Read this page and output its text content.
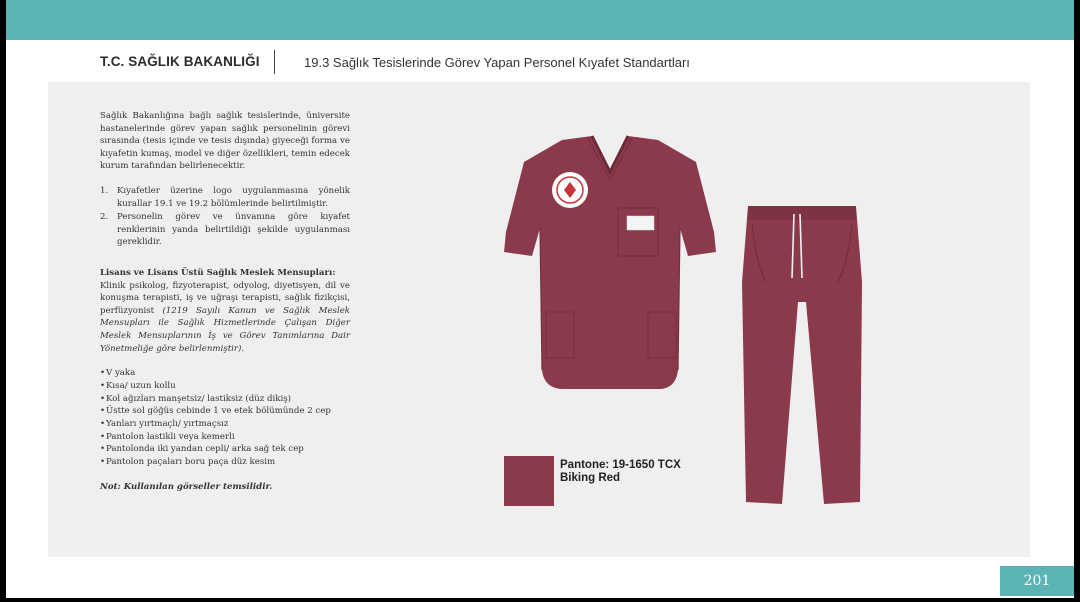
T.C. SAĞLIK BAKANLIĞI	19.3 Sağlık Tesislerinde Görev Yapan Personel Kıyafet Standartları

Sağlık Bakanlığına bağlı sağlık tesislerinde, üniversite hastanelerinde görev yapan sağlık personelinin görevi sırasında (tesis içinde ve tesis dışında) giyeceği forma ve kıyafetin kumaş, model ve diğer özellikleri, temin edecek kurum tarafından belirlenecektir.

1. Kıyafetler üzerine logo uygulanmasına yönelik kurallar 19.1 ve 19.2 bölümlerinde belirtilmiştir.
2. Personelin görev ve ünvanına göre kıyafet renklerinin yanda belirtildiği şekilde uygulanması gereklidir.
Lisans ve Lisans Üstü Sağlık Meslek Mensupları:
Klinik psikolog, fizyoterapist, odyolog, diyetisyen, dil ve konuşma terapisti, iş ve uğraşı terapisti, sağlık fizikçisi, perfüzyonist (1219 Sayılı Kanun ve Sağlık Meslek Mensupları ile Sağlık Hizmetlerinde Çalışan Diğer Meslek Mensuplarının İş ve Görev Tanımlarına Dair Yönetmeliğe göre belirlenmiştir).
• V yaka
• Kısa/ uzun kollu
• Kol ağızları manşetsiz/ lastiksiz (düz dikiş)
• Üstte sol göğüs cebinde 1 ve etek bölümünde 2 cep
• Yanları yırtmaçlı/ yırtmaçsız
• Pantolon lastikli veya kemerli
• Pantolonda iki yandan cepli/ arka sağ tek cep
• Pantolon paçaları boru paça düz kesim
Not: Kullanılan görseller temsilidir.
Pantone: 19-1650 TCX
Biking Red
201
